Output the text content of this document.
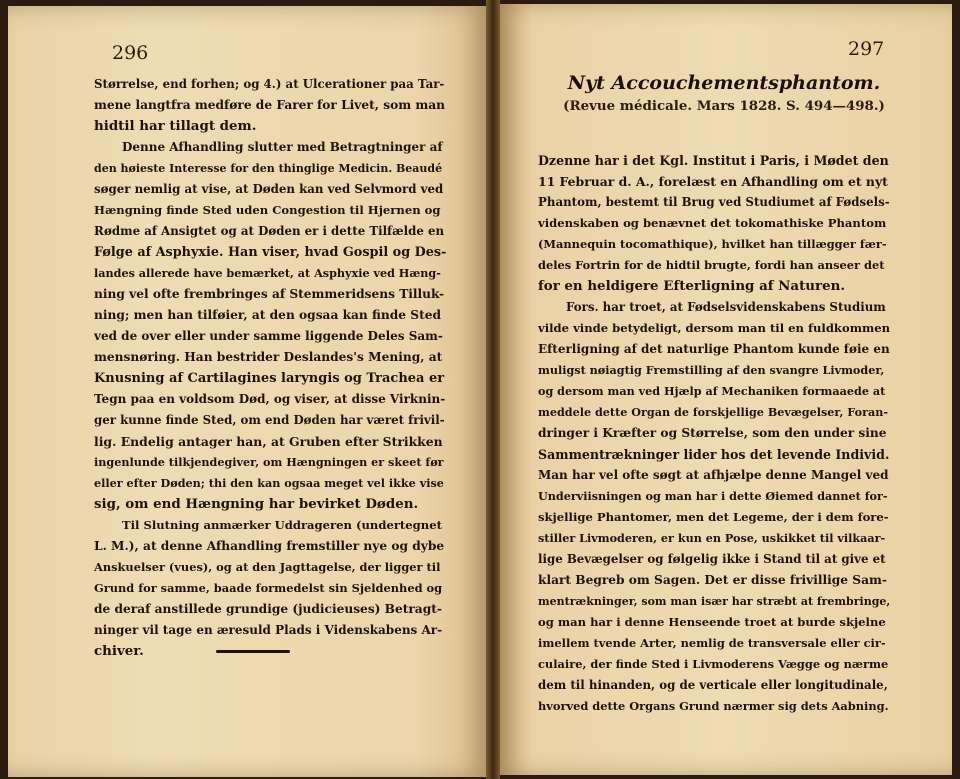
296	297
Størrelse, end forhen; og 4.) at Ulcerationer paa Tar-
mene langtfra medføre de Farer for Livet, som man
hidtil har tillagt dem.
Denne Afhandling slutter med Betragtninger af
den høieste Interesse for den thinglige Medicin. Beaudé
søger nemlig at vise, at Døden kan ved Selvmord ved
Hængning finde Sted uden Congestion til Hjernen og
Rødme af Ansigtet og at Døden er i dette Tilfælde en
Følge af Asphyxie. Han viser, hvad Gospil og Des-
landes allerede have bemærket, at Asphyxie ved Hæng-
ning vel ofte frembringes af Stemmeridsens Tilluk-
ning; men han tilføier, at den ogsaa kan finde Sted
ved de over eller under samme liggende Deles Sam-
mensnøring. Han bestrider Deslandes's Mening, at
Knusning af Cartilagines laryngis og Trachea er
Tegn paa en voldsom Død, og viser, at disse Virknin-
ger kunne finde Sted, om end Døden har været frivil-
lig. Endelig antager han, at Gruben efter Strikken
ingenlunde tilkjendegiver, om Hængningen er skeet før
eller efter Døden; thi den kan ogsaa meget vel ikke vise
sig, om end Hængning har bevirket Døden.
Til Slutning anmærker Uddrageren (undertegnet
L. M.), at denne Afhandling fremstiller nye og dybe
Anskuelser (vues), og at den Jagttagelse, der ligger til
Grund for samme, baade formedelst sin Sjeldenhed og
de deraf anstillede grundige (judicieuses) Betragt-
ninger vil tage en æresuld Plads i Videnskabens Ar-
chiver.
Nyt Accouchementsphantom.
(Revue médicale. Mars 1828. S. 494—498.)
Dzenne har i det Kgl. Institut i Paris, i Mødet den
11 Februar d. A., forelæst en Afhandling om et nyt
Phantom, bestemt til Brug ved Studiumet af Fødsels-
videnskaben og benævnet det tokomathiske Phantom
(Mannequin tocomathique), hvilket han tillægger fær-
deles Fortrin for de hidtil brugte, fordi han anseer det
for en heldigere Efterligning af Naturen.
Fors. har troet, at Fødselsvidenskabens Studium
vilde vinde betydeligt, dersom man til en fuldkommen
Efterligning af det naturlige Phantom kunde føie en
muligst nøiagtig Fremstilling af den svangre Livmoder,
og dersom man ved Hjælp af Mechaniken formaaede at
meddele dette Organ de forskjellige Bevægelser, Foran-
dringer i Kræfter og Størrelse, som den under sine
Sammentrækninger lider hos det levende Individ.
Man har vel ofte søgt at afhjælpe denne Mangel ved
Underviisningen og man har i dette Øiemed dannet for-
skjellige Phantomer, men det Legeme, der i dem fore-
stiller Livmoderen, er kun en Pose, uskikket til vilkaar-
lige Bevægelser og følgelig ikke i Stand til at give et
klart Begreb om Sagen. Det er disse frivillige Sam-
mentrækninger, som man især har stræbt at frembringe,
og man har i denne Henseende troet at burde skjelne
imellem tvende Arter, nemlig de transversale eller cir-
culaire, der finde Sted i Livmoderens Væggе og nærme
dem til hinanden, og de verticale eller longitudinale,
hvorved dette Organs Grund nærmer sig dets Aabning.
